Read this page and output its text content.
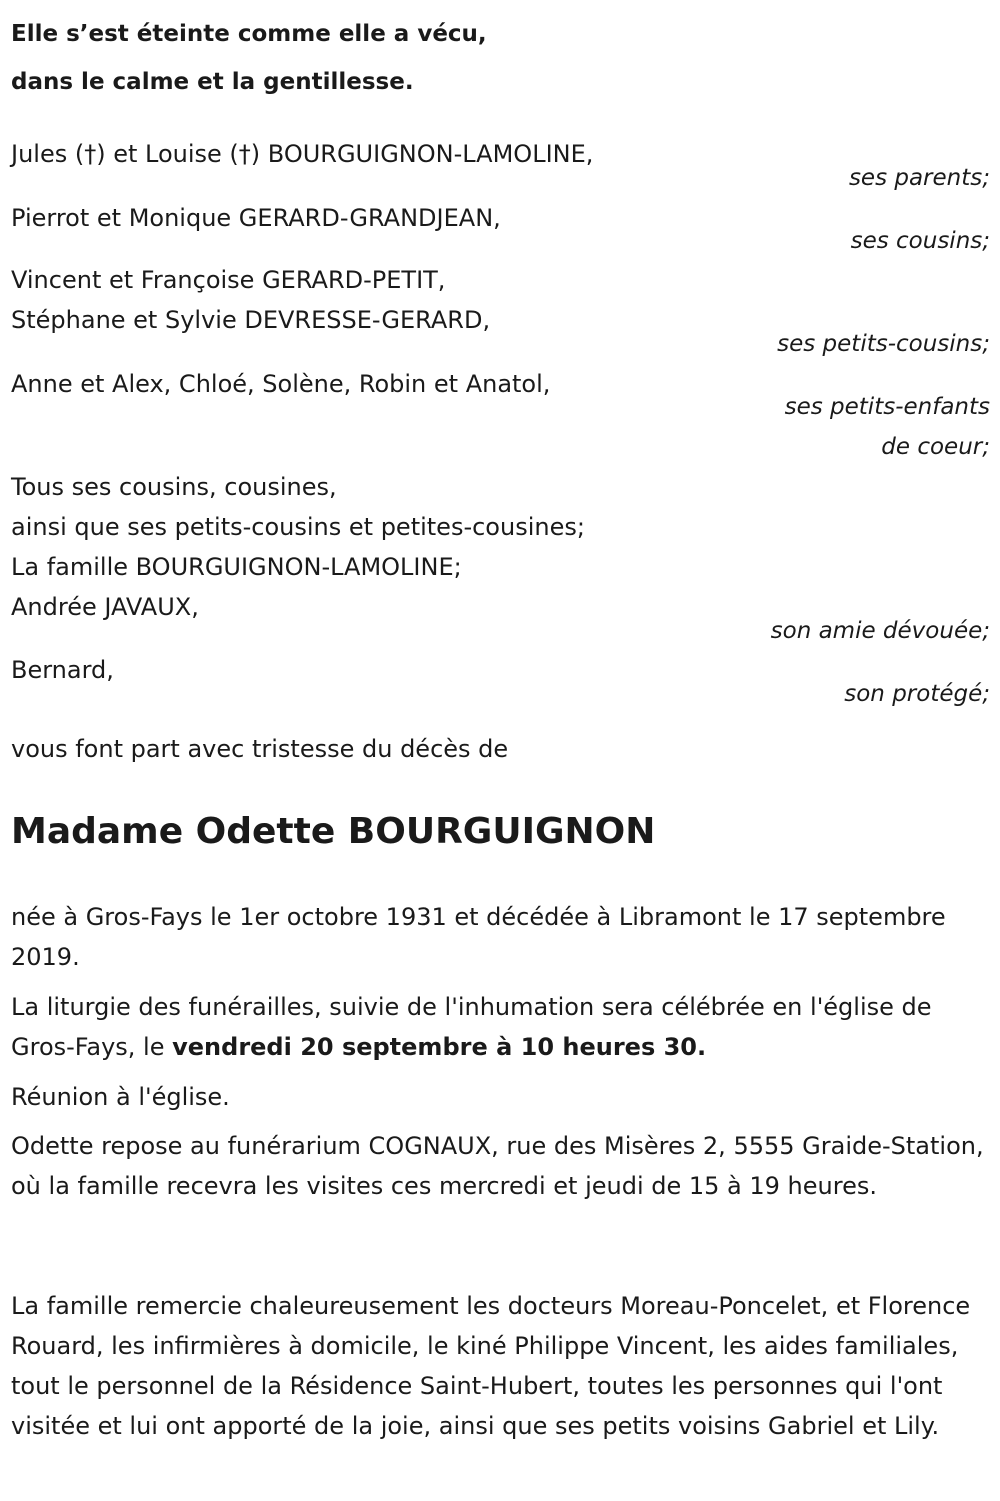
Elle s’est éteinte comme elle a vécu,
dans le calme et la gentillesse.
Jules (†) et Louise (†) BOURGUIGNON-LAMOLINE,
ses parents;
Pierrot et Monique GERARD-GRANDJEAN,
ses cousins;
Vincent et Françoise GERARD-PETIT,
Stéphane et Sylvie DEVRESSE-GERARD,
ses petits-cousins;
Anne et Alex, Chloé, Solène, Robin et Anatol,
ses petits-enfants
de coeur;
Tous ses cousins, cousines,
ainsi que ses petits-cousins et petites-cousines;
La famille BOURGUIGNON-LAMOLINE;
Andrée JAVAUX,
son amie dévouée;
Bernard,
son protégé;
vous font part avec tristesse du décès de
Madame Odette BOURGUIGNON
née à Gros-Fays le 1er octobre 1931 et décédée à Libramont le 17 septembre 2019.
La liturgie des funérailles, suivie de l'inhumation sera célébrée en l'église de Gros-Fays, le vendredi 20 septembre à 10 heures 30.
Réunion à l'église.
Odette repose au funérarium COGNAUX, rue des Misères 2, 5555 Graide-Station, où la famille recevra les visites ces mercredi et jeudi de 15 à 19 heures.
La famille remercie chaleureusement les docteurs Moreau-Poncelet, et Florence Rouard, les infirmières à domicile, le kiné Philippe Vincent, les aides familiales, tout le personnel de la Résidence Saint-Hubert, toutes les personnes qui l'ont visitée et lui ont apporté de la joie, ainsi que ses petits voisins Gabriel et Lily.
